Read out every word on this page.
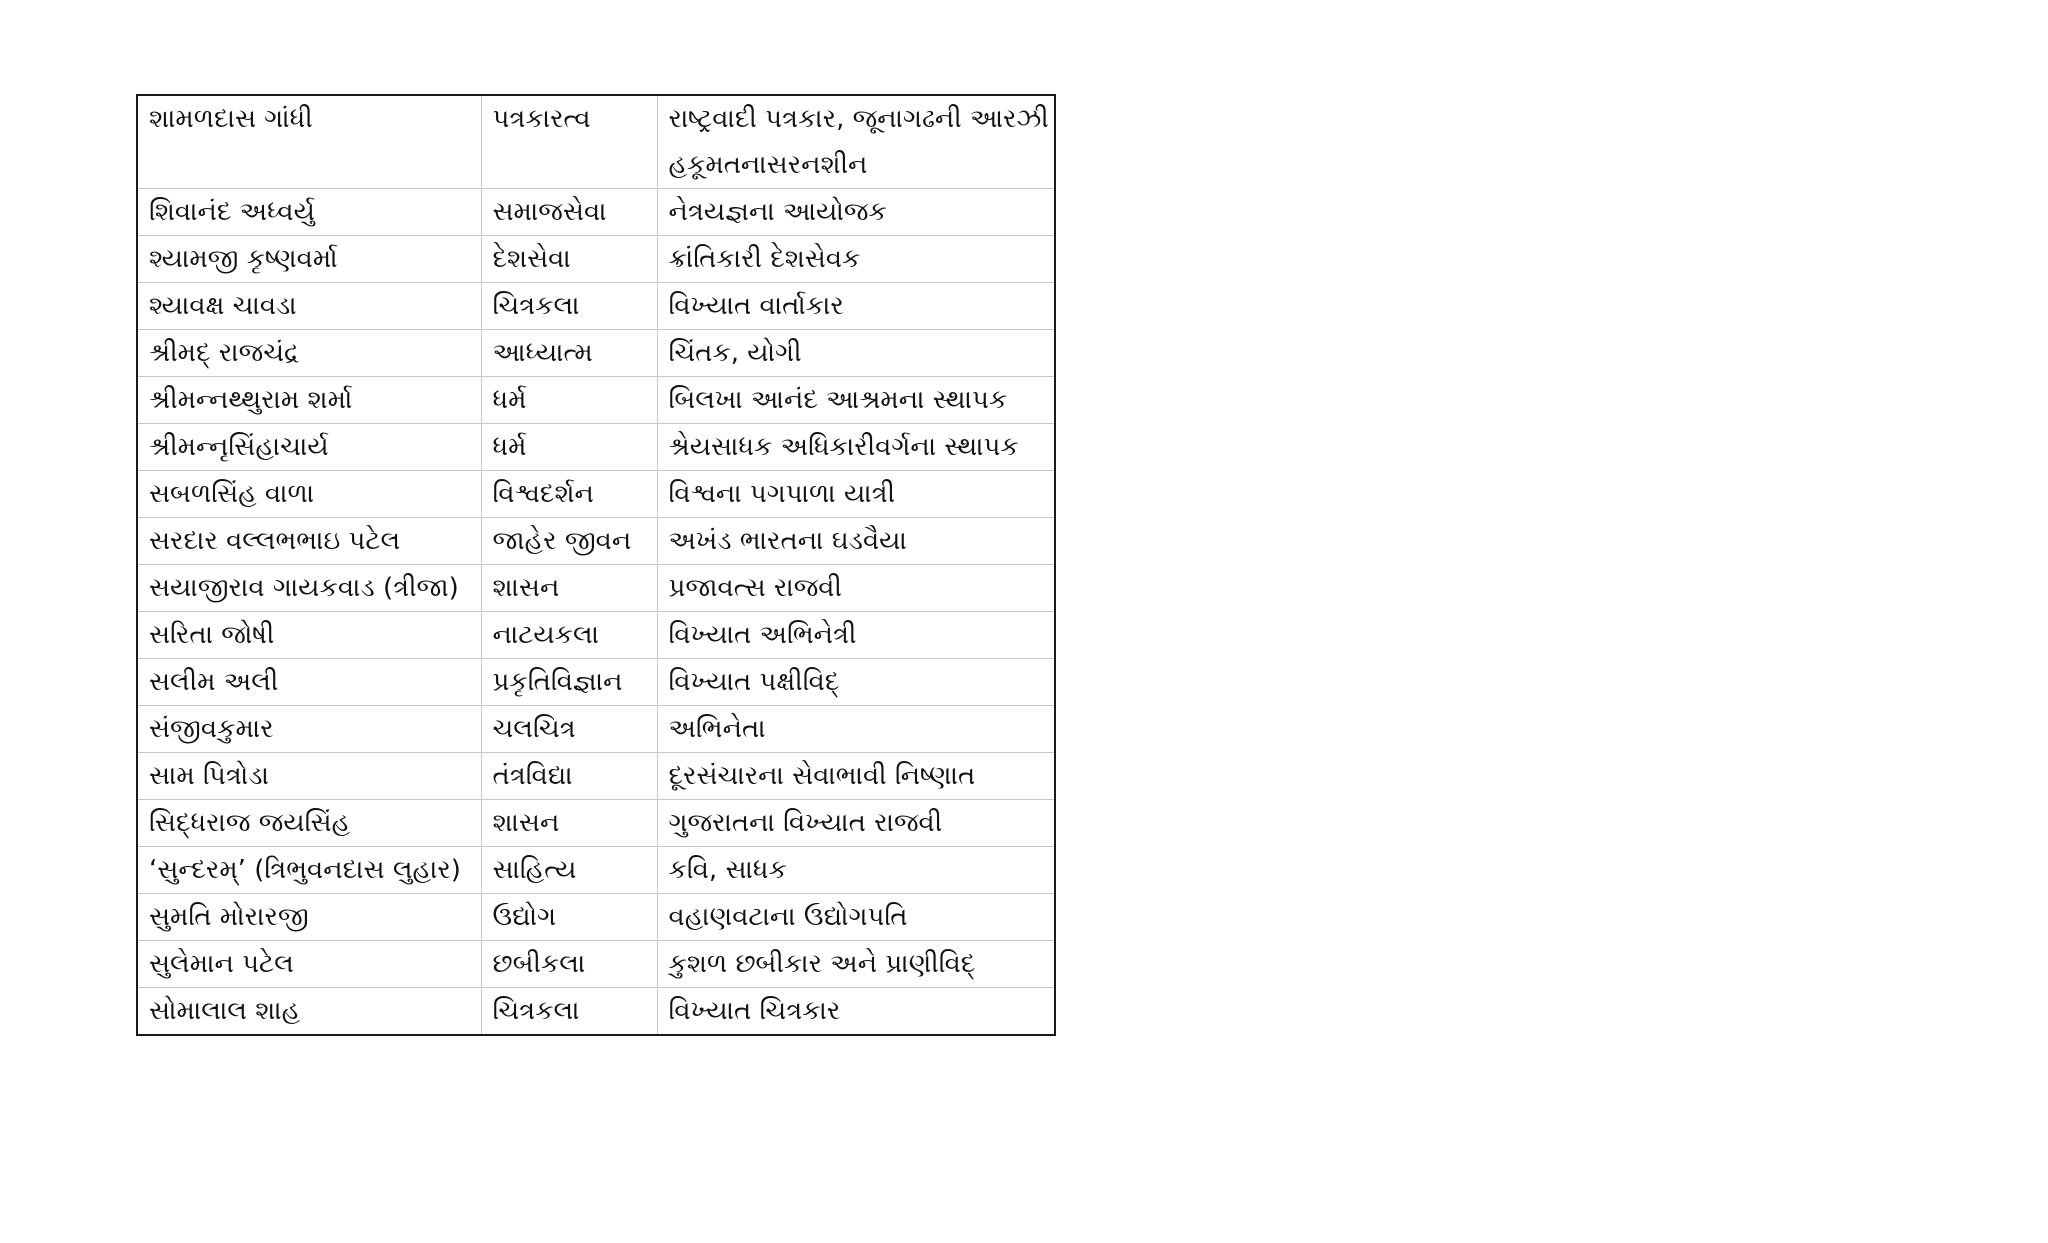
શામળદાસ ગાંધી	પત્રકારત્વ	રાષ્ટ્રવાદી પત્રકાર, જૂનાગઢની આરઝી હકૂમતનાસરનશીન
શિવાનંદ અધ્વર્યુ	સમાજસેવા	નેત્રયજ્ઞના આયોજક
શ્યામજી કૃષ્ણવર્મા	દેશસેવા	ક્રાંતિકારી દેશસેવક
શ્યાવક્ષ ચાવડા	ચિત્રકલા	વિખ્યાત વાર્તાકાર
શ્રીમદ્ રાજચંદ્ર	આધ્યાત્મ	ચિંતક, યોગી
શ્રીમન્નથ્થુરામ શર્મા	ધર્મ	બિલખા આનંદ આશ્રમના સ્થાપક
શ્રીમન્નૃસિંહાચાર્ય	ધર્મ	શ્રેયસાધક અધિકારીવર્ગના સ્થાપક
સબળસિંહ વાળા	વિશ્વદર્શન	વિશ્વના પગપાળા યાત્રી
સરદાર વલ્લભભાઇ પટેલ	જાહેર જીવન	અખંડ ભારતના ઘડવૈયા
સયાજીરાવ ગાયકવાડ (ત્રીજા)	શાસન	પ્રજાવત્સ રાજવી
સરિતા જોષી	નાટયકલા	વિખ્યાત અભિનેત્રી
સલીમ અલી	પ્રકૃતિવિજ્ઞાન	વિખ્યાત પક્ષીવિદ્
સંજીવકુમાર	ચલચિત્ર	અભિનેતા
સામ પિત્રોડા	તંત્રવિદ્યા	દૂરસંચારના સેવાભાવી નિષ્ણાત
સિદ્ધરાજ જયસિંહ	શાસન	ગુજરાતના વિખ્યાત રાજવી
‘સુન્દરમ્’ (ત્રિભુવનદાસ લુહાર)	સાહિત્ય	કવિ, સાધક
સુમતિ મોરારજી	ઉદ્યોગ	વહાણવટાના ઉદ્યોગપતિ
સુલેમાન પટેલ	છબીકલા	કુશળ છબીકાર અને પ્રાણીવિદ્
સોમાલાલ શાહ	ચિત્રકલા	વિખ્યાત ચિત્રકાર
